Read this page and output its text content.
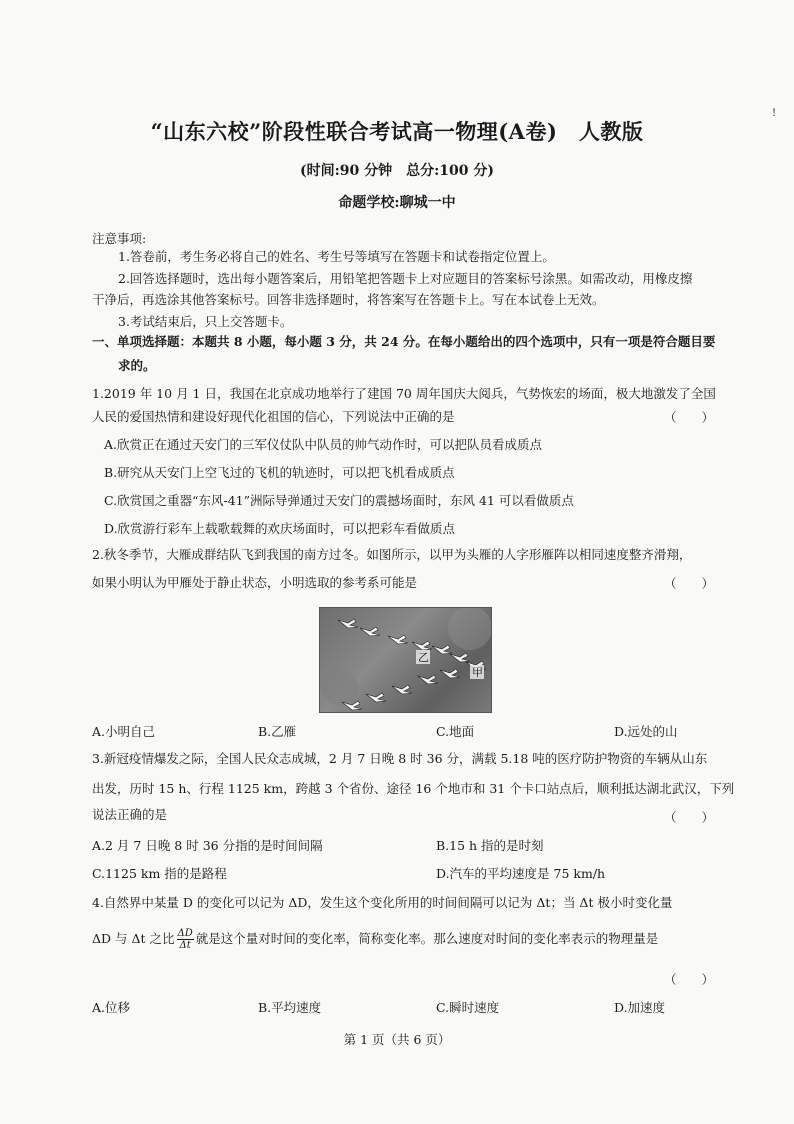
!
“山东六校”阶段性联合考试高一物理(A卷)　人教版
(时间:90 分钟　总分:100 分)
命题学校:聊城一中
注意事项:
1.答卷前，考生务必将自己的姓名、考生号等填写在答题卡和试卷指定位置上。
2.回答选择题时，选出每小题答案后，用铅笔把答题卡上对应题目的答案标号涂黑。如需改动，用橡皮擦
干净后，再选涂其他答案标号。回答非选择题时，将答案写在答题卡上。写在本试卷上无效。
3.考试结束后，只上交答题卡。
一、单项选择题：本题共 8 小题，每小题 3 分，共 24 分。在每小题给出的四个选项中，只有一项是符合题目要
求的。
1.2019 年 10 月 1 日，我国在北京成功地举行了建国 70 周年国庆大阅兵，气势恢宏的场面，极大地激发了全国
人民的爱国热情和建设好现代化祖国的信心，下列说法中正确的是	（　　）
A.欣赏正在通过天安门的三军仪仗队中队员的帅气动作时，可以把队员看成质点
B.研究从天安门上空飞过的飞机的轨迹时，可以把飞机看成质点
C.欣赏国之重器“东风-41”洲际导弹通过天安门的震撼场面时，东风 41 可以看做质点
D.欣赏游行彩车上载歌载舞的欢庆场面时，可以把彩车看做质点
2.秋冬季节，大雁成群结队飞到我国的南方过冬。如图所示，以甲为头雁的人字形雁阵以相同速度整齐滑翔，
如果小明认为甲雁处于静止状态，小明选取的参考系可能是	（　　）
乙
甲
A.小明自己	B.乙雁	C.地面	D.远处的山
3.新冠疫情爆发之际，全国人民众志成城，2 月 7 日晚 8 时 36 分，满载 5.18 吨的医疗防护物资的车辆从山东
出发，历时 15 h、行程 1125 km，跨越 3 个省份、途径 16 个地市和 31 个卡口站点后，顺利抵达湖北武汉，下列
说法正确的是	（　　）
A.2 月 7 日晚 8 时 36 分指的是时间间隔	B.15 h 指的是时刻
C.1125 km 指的是路程	D.汽车的平均速度是 75 km/h
4.自然界中某量 D 的变化可以记为 ΔD，发生这个变化所用的时间间隔可以记为 Δt；当 Δt 极小时变化量
ΔD 与 Δt 之比 $\frac{\Delta D}{\Delta t}$ 就是这个量对时间的变化率，简称变化率。那么速度对时间的变化率表示的物理量是
（　　）
A.位移	B.平均速度	C.瞬时速度	D.加速度
第 1 页（共 6 页）
